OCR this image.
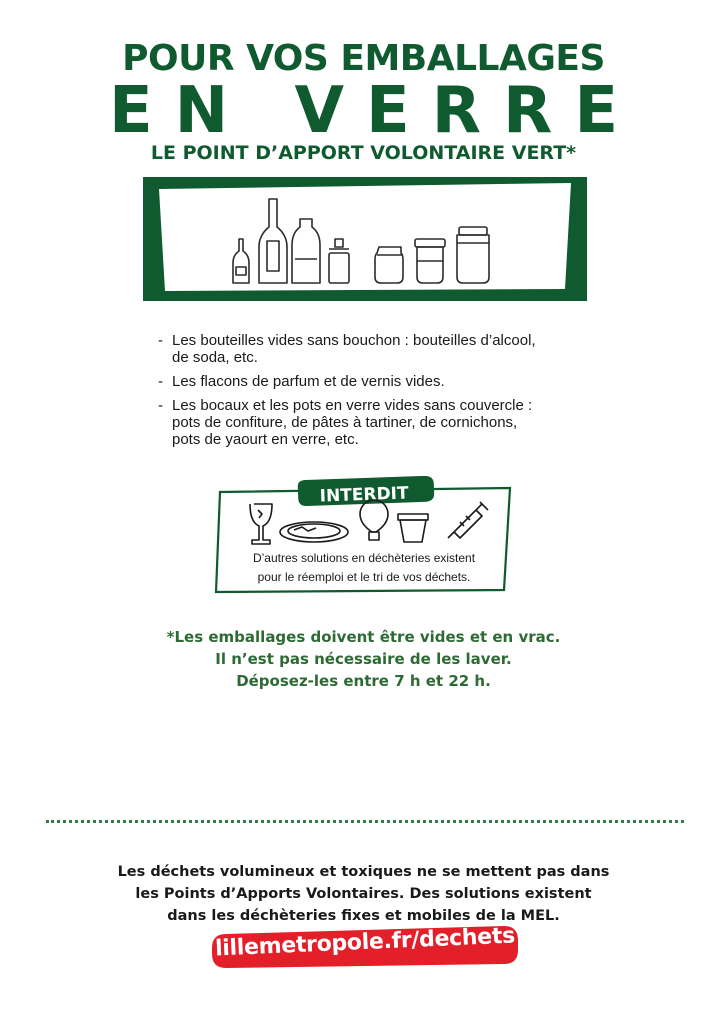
POUR VOS EMBALLAGES
EN VERRE
LE POINT D’APPORT VOLONTAIRE VERT*
- Les bouteilles vides sans bouchon : bouteilles d’alcool, de soda, etc.
- Les flacons de parfum et de vernis vides.
- Les bocaux et les pots en verre vides sans couvercle : pots de confiture, de pâtes à tartiner, de cornichons, pots de yaourt en verre, etc.
INTERDIT
D’autres solutions en déchèteries existent
pour le réemploi et le tri de vos déchets.
*Les emballages doivent être vides et en vrac.
Il n’est pas nécessaire de les laver.
Déposez-les entre 7 h et 22 h.
Les déchets volumineux et toxiques ne se mettent pas dans
les Points d’Apports Volontaires. Des solutions existent
dans les déchèteries fixes et mobiles de la MEL.
lillemetropole.fr/dechets
